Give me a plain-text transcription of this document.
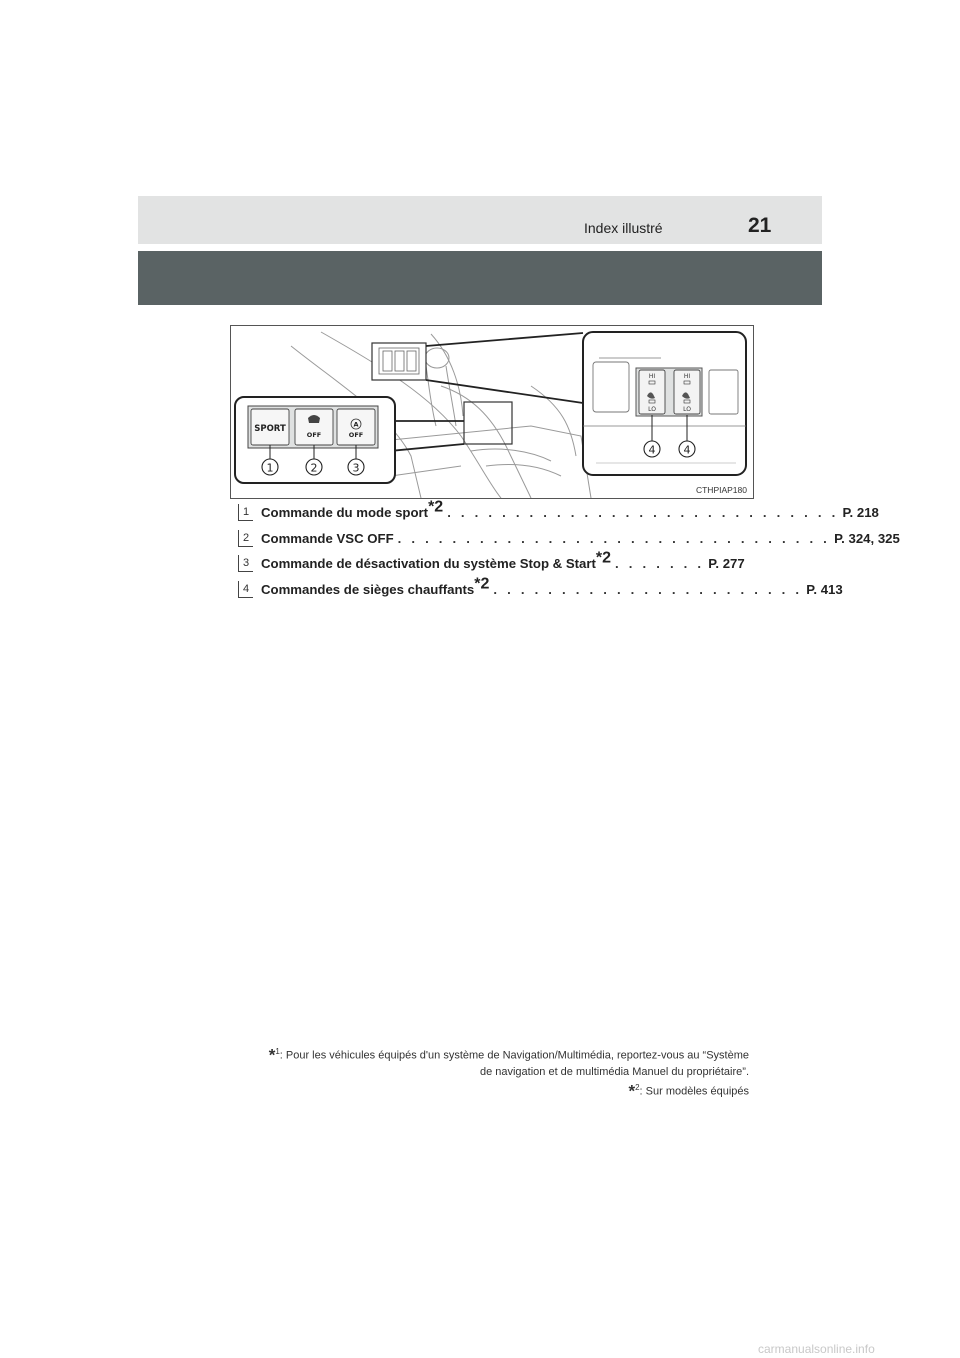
Index illustré	21
HI	HI
LO	LO
4	4
SPORT
OFF
A
OFF
1	2	3
CTHPIAP180
1 Commande du mode sport*2 . . . . . . . . . . . . . . . . . . . . . . . . . . . . . P. 218
2 Commande VSC OFF . . . . . . . . . . . . . . . . . . . . . . . . . . . . . . . . P. 324, 325
3 Commande de désactivation du système Stop & Start*2 . . . . . . . P. 277
4 Commandes de sièges chauffants*2 . . . . . . . . . . . . . . . . . . . . . . . P. 413
$*_1$: Pour les véhicules équipés d'un système de Navigation/Multimédia, reportez-vous au “Système
de navigation et de multimédia Manuel du propriétaire”.
$*_2$: Sur modèles équipés
carmanualsonline.info
